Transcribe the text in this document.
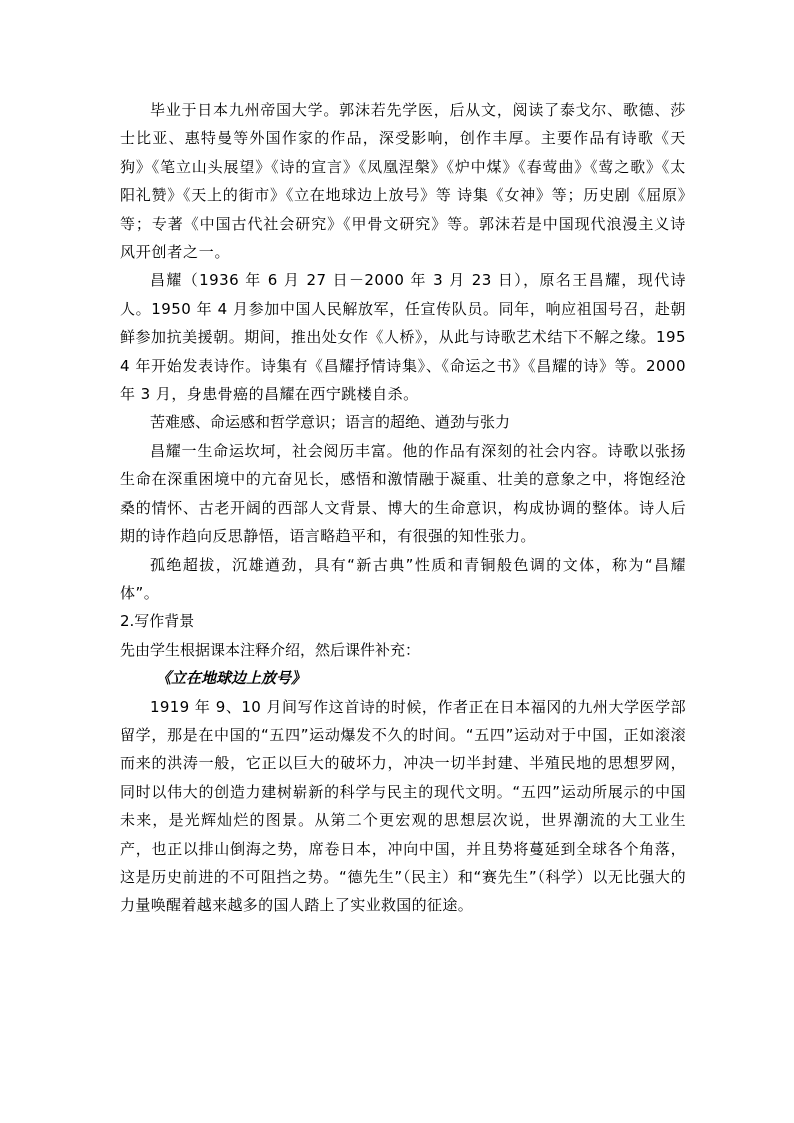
毕业于日本九州帝国大学。郭沫若先学医，后从文，阅读了泰戈尔、歌德、莎士比亚、惠特曼等外国作家的作品，深受影响，创作丰厚。主要作品有诗歌《天狗》《笔立山头展望》《诗的宣言》《凤凰涅槃》《炉中煤》《春莺曲》《莺之歌》《太阳礼赞》《天上的街市》《立在地球边上放号》等 诗集《女神》等；历史剧《屈原》等；专著《中国古代社会研究》《甲骨文研究》等。郭沫若是中国现代浪漫主义诗风开创者之一。

昌耀（1936 年 6 月 27 日－2000 年 3 月 23 日），原名王昌耀，现代诗人。1950 年 4 月参加中国人民解放军，任宣传队员。同年，响应祖国号召，赴朝鲜参加抗美援朝。期间，推出处女作《人桥》，从此与诗歌艺术结下不解之缘。1954 年开始发表诗作。诗集有《昌耀抒情诗集》、《命运之书》《昌耀的诗》等。2000 年 3 月，身患骨癌的昌耀在西宁跳楼自杀。

苦难感、命运感和哲学意识；语言的超绝、遒劲与张力

昌耀一生命运坎坷，社会阅历丰富。他的作品有深刻的社会内容。诗歌以张扬生命在深重困境中的亢奋见长，感悟和激情融于凝重、壮美的意象之中，将饱经沧桑的情怀、古老开阔的西部人文背景、博大的生命意识，构成协调的整体。诗人后期的诗作趋向反思静悟，语言略趋平和，有很强的知性张力。

孤绝超拔，沉雄遒劲，具有“新古典”性质和青铜般色调的文体，称为“昌耀体”。

2.写作背景

先由学生根据课本注释介绍，然后课件补充：

《立在地球边上放号》

1919 年 9、10 月间写作这首诗的时候，作者正在日本福冈的九州大学医学部留学，那是在中国的“五四”运动爆发不久的时间。“五四”运动对于中国，正如滚滚而来的洪涛一般，它正以巨大的破坏力，冲决一切半封建、半殖民地的思想罗网，同时以伟大的创造力建树崭新的科学与民主的现代文明。“五四”运动所展示的中国未来，是光辉灿烂的图景。从第二个更宏观的思想层次说，世界潮流的大工业生产，也正以排山倒海之势，席卷日本，冲向中国，并且势将蔓延到全球各个角落，这是历史前进的不可阻挡之势。“德先生”（民主）和“赛先生”（科学）以无比强大的力量唤醒着越来越多的国人踏上了实业救国的征途。
